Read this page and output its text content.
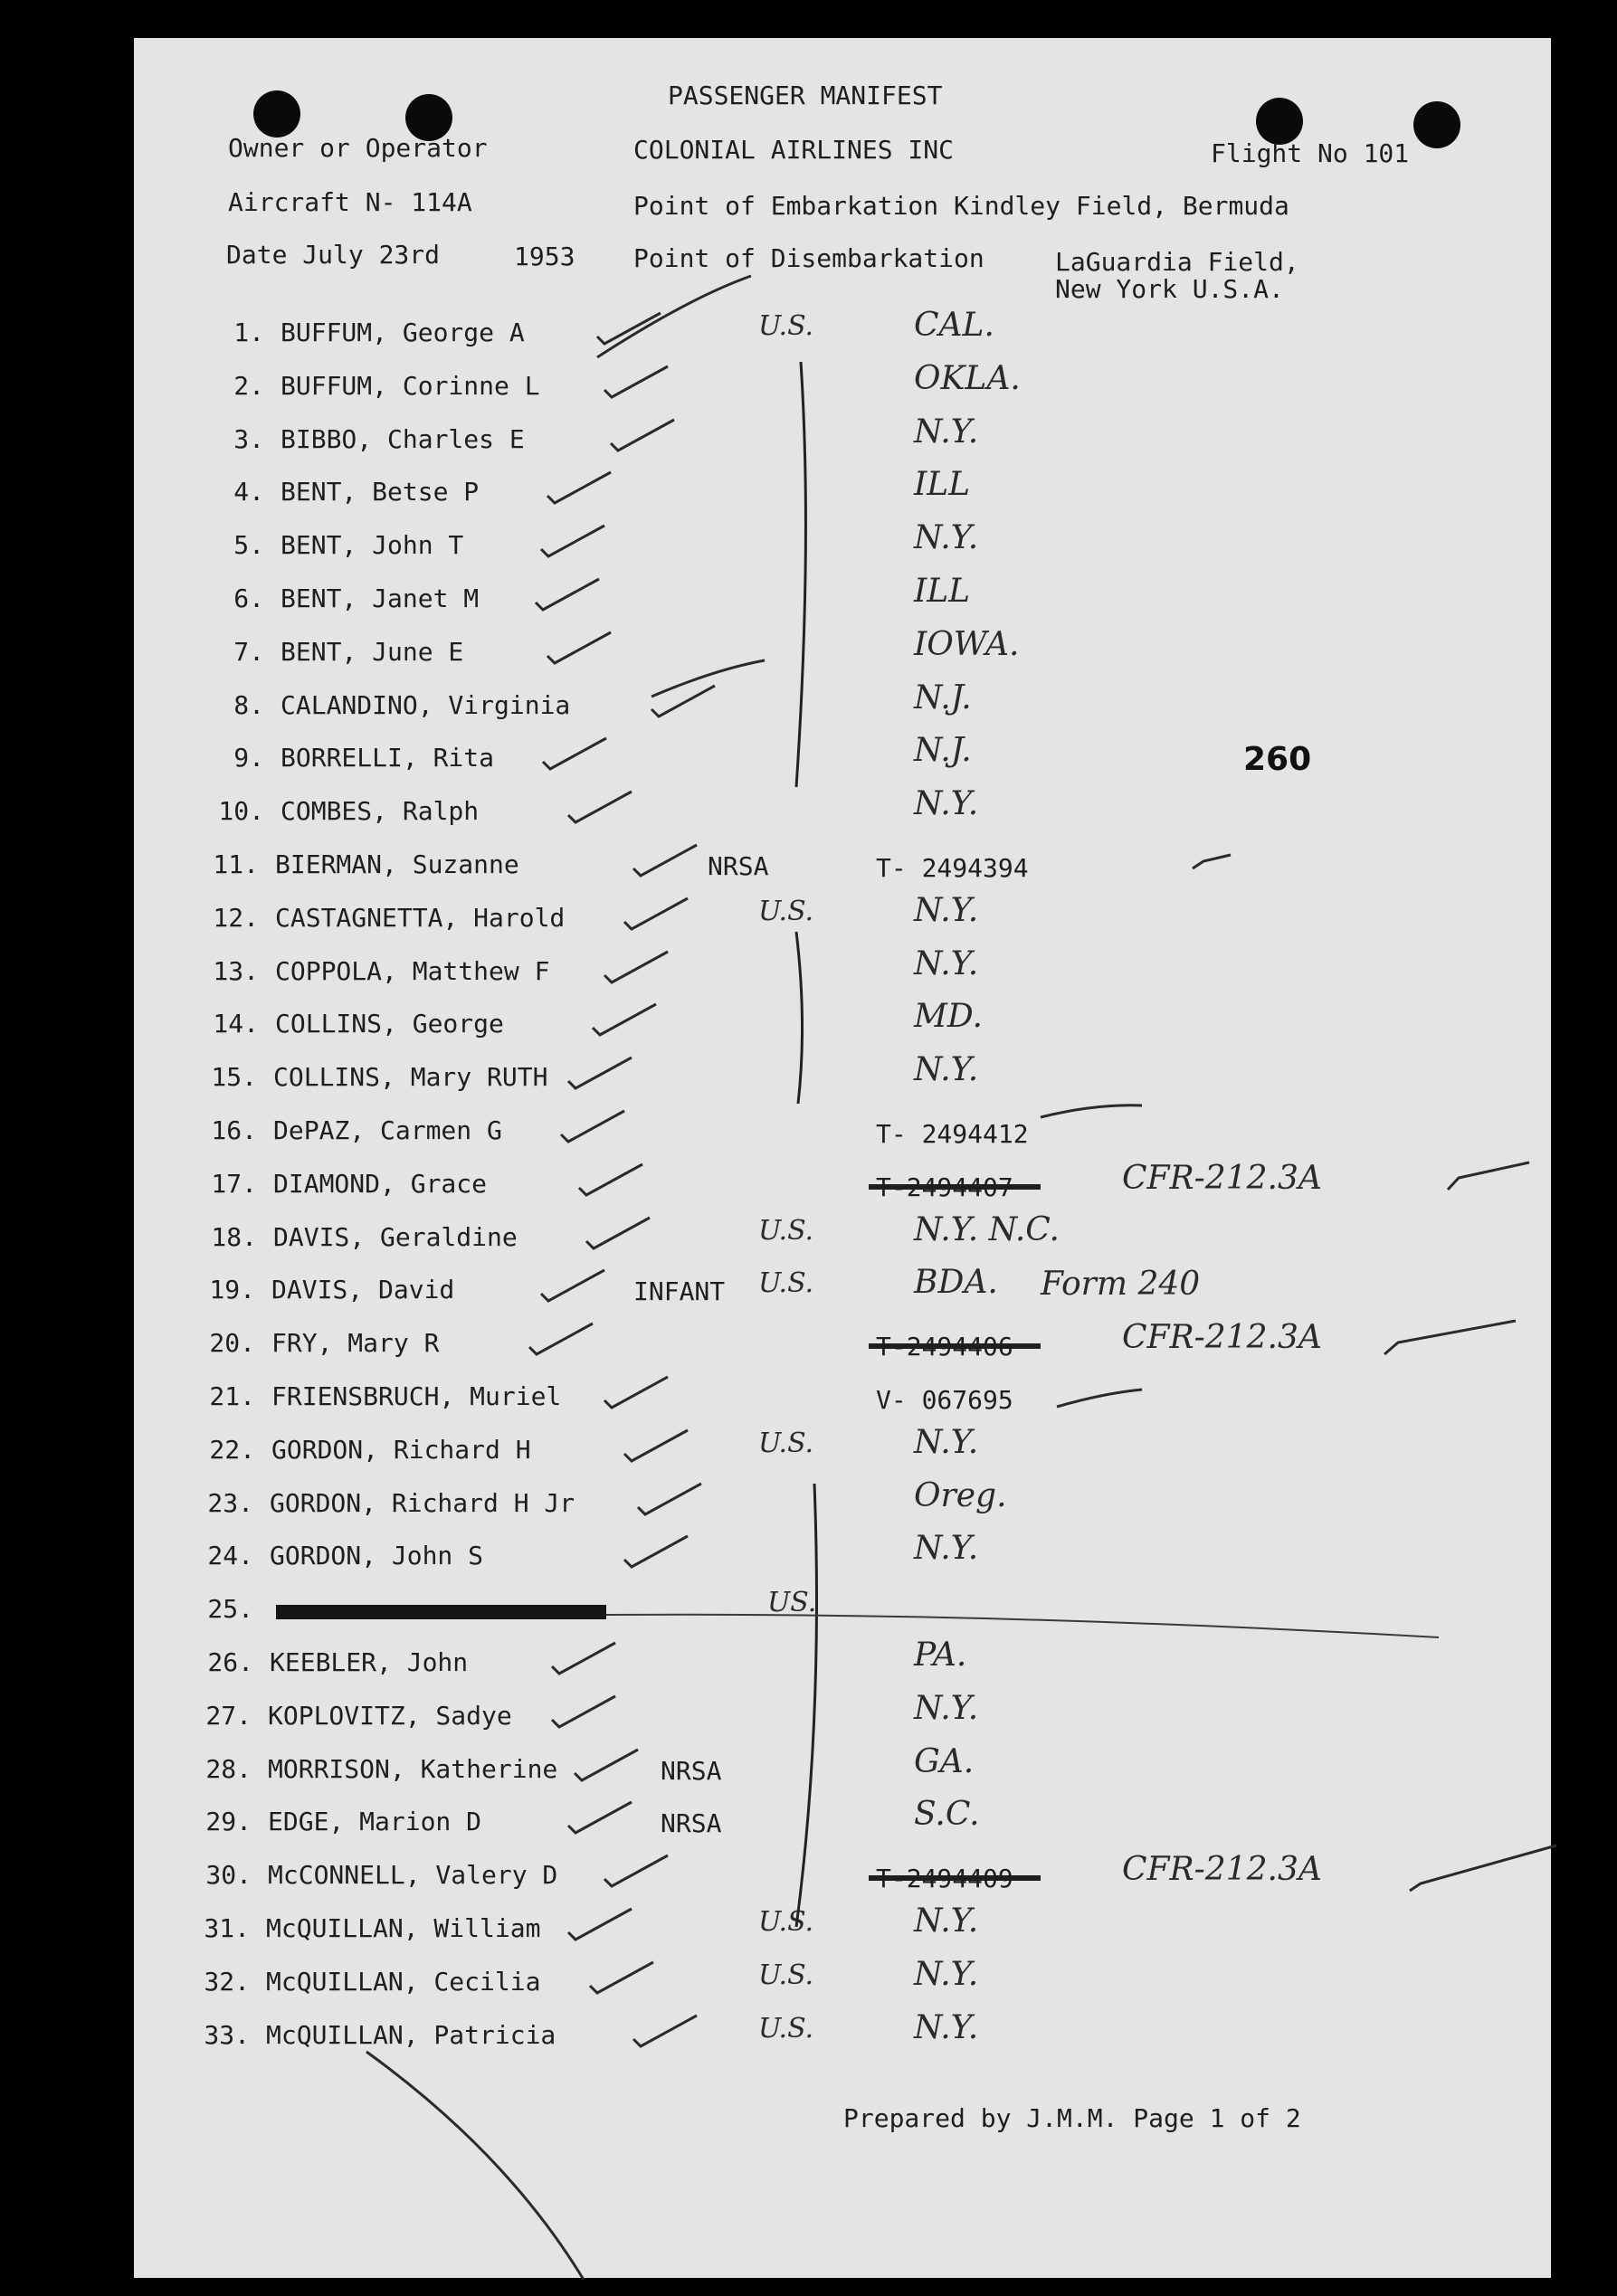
PASSENGER MANIFEST
Owner or Operator	COLONIAL AIRLINES INC	Flight No 101
Aircraft N- 114A	Point of Embarkation Kindley Field, Bermuda
Date July 23rd	1953 Point of Disembarkation	LaGuardia Field,
New York U.S.A.
260
1. BUFFUM, George A	U.S.	CAL.
2. BUFFUM, Corinne L	OKLA.
3. BIBBO, Charles E	N.Y.
4. BENT, Betse P	ILL
5. BENT, John T	N.Y.
6. BENT, Janet M	ILL
7. BENT, June E	IOWA.
8. CALANDINO, Virginia	N.J.
9. BORRELLI, Rita	N.J.
10. COMBES, Ralph	N.Y.
11. BIERMAN, Suzanne	NRSA	T- 2494394
12. CASTAGNETTA, Harold	U.S.	N.Y.
13. COPPOLA, Matthew F	N.Y.
14. COLLINS, George	MD.
15. COLLINS, Mary RUTH	N.Y.
16. DePAZ, Carmen G	T- 2494412
17. DIAMOND, Grace	CFR-212.3A
18. DAVIS, Geraldine	U.S.	N.Y. N.C.
19. DAVIS, David	INFANT U.S.	BDA. Form 240
20. FRY, Mary R	CFR-212.3A
21. FRIENSBRUCH, Muriel	V- 067695
22. GORDON, Richard H	U.S.	N.Y.
23. GORDON, Richard H Jr	Oreg.
24. GORDON, John S	N.Y.
25.	US.
26. KEEBLER, John	PA.
27. KOPLOVITZ, Sadye	N.Y.
28. MORRISON, Katherine	NRSA	GA.
29. EDGE, Marion D	NRSA	S.C.
30. McCONNELL, Valery D	CFR-212.3A
31. McQUILLAN, William	U.S.	N.Y.
32. McQUILLAN, Cecilia	U.S.	N.Y.
33. McQUILLAN, Patricia	U.S.	N.Y.
Prepared by J.M.M. Page 1 of 2
